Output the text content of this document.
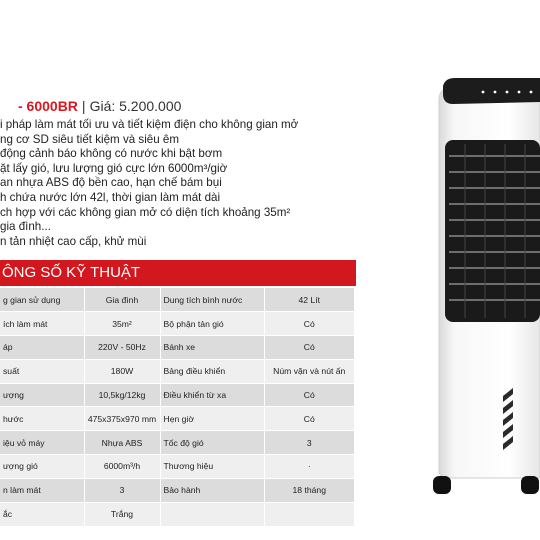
- 6000BR | Giá: 5.200.000
i pháp làm mát tối ưu và tiết kiệm điện cho không gian mở
ng cơ SD siêu tiết kiệm và siêu êm
động cảnh báo không có nước khi bật bơm
ặt lấy gió, lưu lượng gió cực lớn 6000m³/giờ
an nhựa ABS độ bền cao, hạn chế bám bụi
h chứa nước lớn 42l, thời gian làm mát dài
ch hợp với các không gian mở có diện tích khoảng 35m²
gia đình...
n tản nhiệt cao cấp, khử mùi
ÔNG SỐ KỸ THUẬT
g gian sử dụng	Gia đình	Dung tích bình nước	42 Lít
ích làm mát	35m²	Bộ phận tản gió	Có
áp	220V - 50Hz	Bánh xe	Có
suất	180W	Bảng điều khiển	Núm vặn và nút ấn
ượng	10,5kg/12kg	Điều khiển từ xa	Có
hước	475x375x970 mm	Hẹn giờ	Có
iệu vỏ máy	Nhựa ABS	Tốc độ gió	3
ượng gió	6000m³/h	Thương hiệu	·
n làm mát	3	Bảo hành	18 tháng
ắc	Trắng		
